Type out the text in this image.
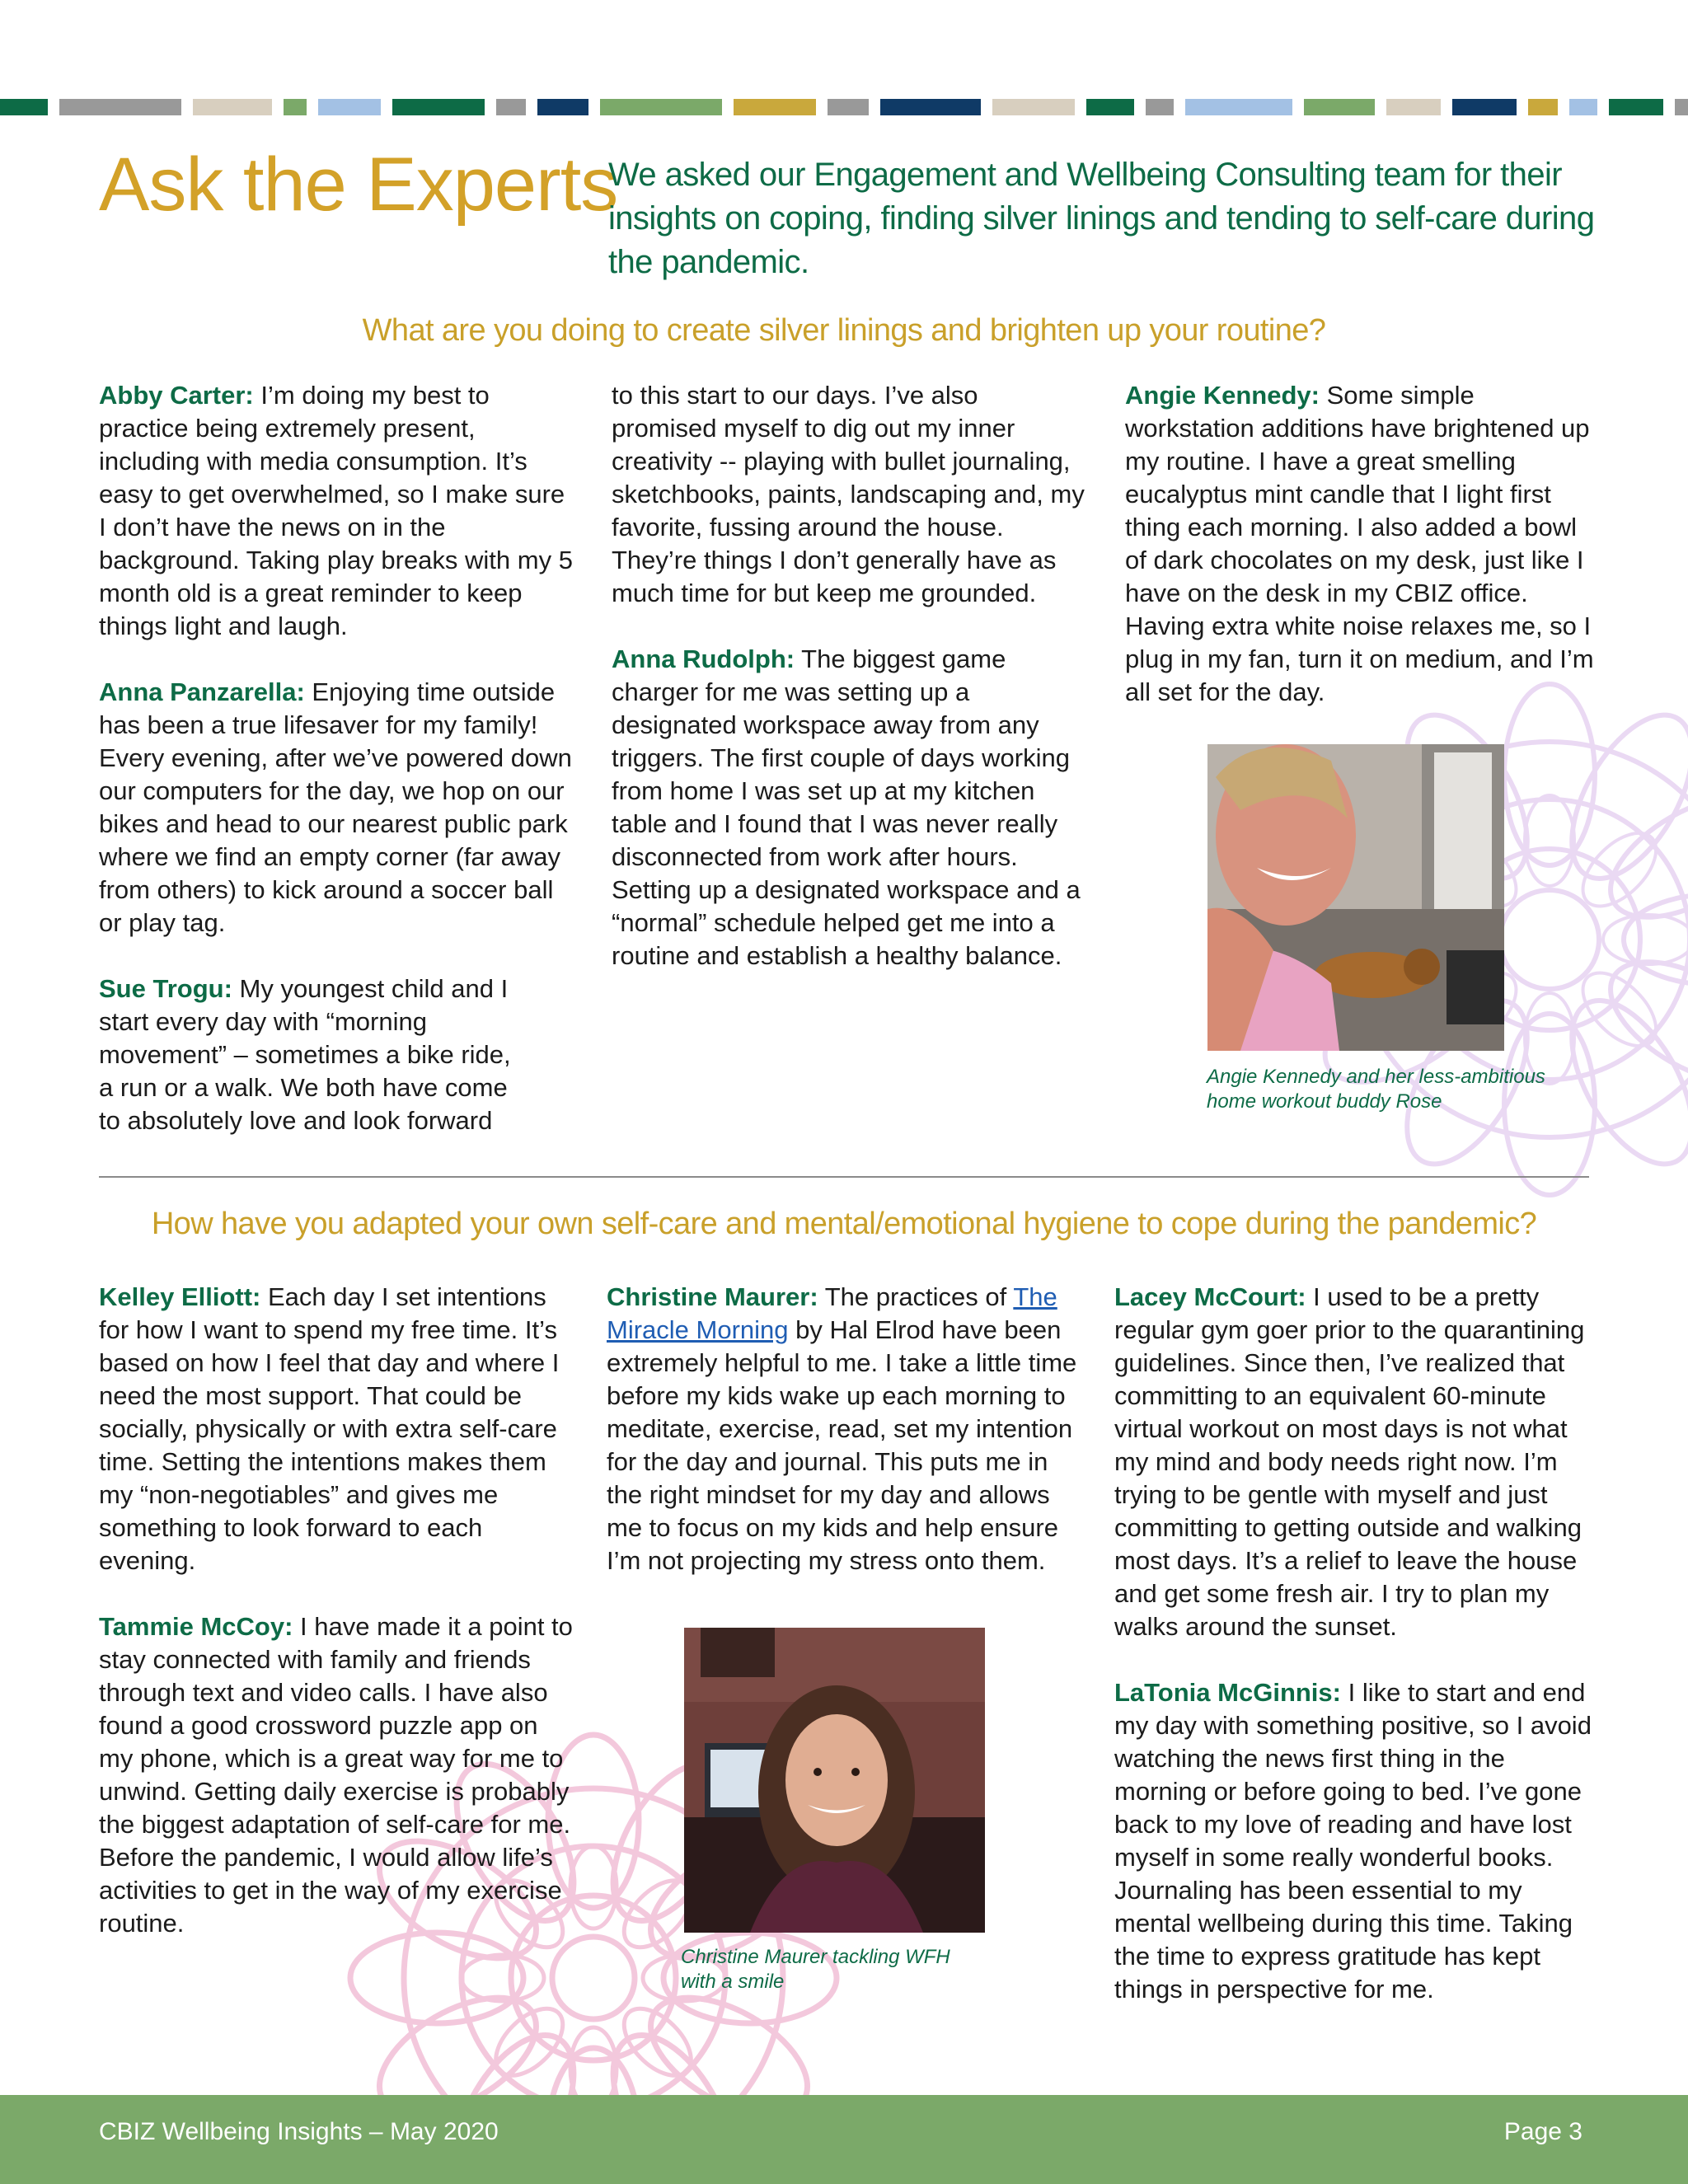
Ask the Experts
We asked our Engagement and Wellbeing Consulting team for their insights on coping, finding silver linings and tending to self-care during the pandemic.
What are you doing to create silver linings and brighten up your routine?

Abby Carter: I’m doing my best to practice being extremely present, including with media consumption. It’s easy to get overwhelmed, so I make sure I don’t have the news on in the background. Taking play breaks with my 5 month old is a great reminder to keep things light and laugh.

Anna Panzarella: Enjoying time outside has been a true lifesaver for my family! Every evening, after we’ve powered down our computers for the day, we hop on our bikes and head to our nearest public park where we find an empty corner (far away from others) to kick around a soccer ball or play tag.

Sue Trogu: My youngest child and I start every day with “morning movement” – sometimes a bike ride, a run or a walk. We both have come to absolutely love and look forward

to this start to our days. I’ve also promised myself to dig out my inner creativity -- playing with bullet journaling, sketchbooks, paints, landscaping and, my favorite, fussing around the house. They’re things I don’t generally have as much time for but keep me grounded.

Anna Rudolph: The biggest game charger for me was setting up a designated workspace away from any triggers. The first couple of days working from home I was set up at my kitchen table and I found that I was never really disconnected from work after hours. Setting up a designated workspace and a “normal” schedule helped get me into a routine and establish a healthy balance.

Angie Kennedy: Some simple workstation additions have brightened up my routine. I have a great smelling eucalyptus mint candle that I light first thing each morning. I also added a bowl of dark chocolates on my desk, just like I have on the desk in my CBIZ office. Having extra white noise relaxes me, so I plug in my fan, turn it on medium, and I’m all set for the day.

Angie Kennedy and her less-ambitious home workout buddy Rose
How have you adapted your own self-care and mental/emotional hygiene to cope during the pandemic?

Kelley Elliott: Each day I set intentions for how I want to spend my free time. It’s based on how I feel that day and where I need the most support. That could be socially, physically or with extra self-care time. Setting the intentions makes them my “non-negotiables” and gives me something to look forward to each evening.

Tammie McCoy: I have made it a point to stay connected with family and friends through text and video calls. I have also found a good crossword puzzle app on my phone, which is a great way for me to unwind. Getting daily exercise is probably the biggest adaptation of self-care for me. Before the pandemic, I would allow life’s activities to get in the way of my exercise routine.

Christine Maurer: The practices of The Miracle Morning by Hal Elrod have been extremely helpful to me. I take a little time before my kids wake up each morning to meditate, exercise, read, set my intention for the day and journal. This puts me in the right mindset for my day and allows me to focus on my kids and help ensure I’m not projecting my stress onto them.

Christine Maurer tackling WFH with a smile

Lacey McCourt: I used to be a pretty regular gym goer prior to the quarantining guidelines. Since then, I’ve realized that committing to an equivalent 60-minute virtual workout on most days is not what my mind and body needs right now. I’m trying to be gentle with myself and just committing to getting outside and walking most days. It’s a relief to leave the house and get some fresh air. I try to plan my walks around the sunset.

LaTonia McGinnis: I like to start and end my day with something positive, so I avoid watching the news first thing in the morning or before going to bed. I’ve gone back to my love of reading and have lost myself in some really wonderful books. Journaling has been essential to my mental wellbeing during this time. Taking the time to express gratitude has kept things in perspective for me.

CBIZ Wellbeing Insights – May 2020	Page 3
